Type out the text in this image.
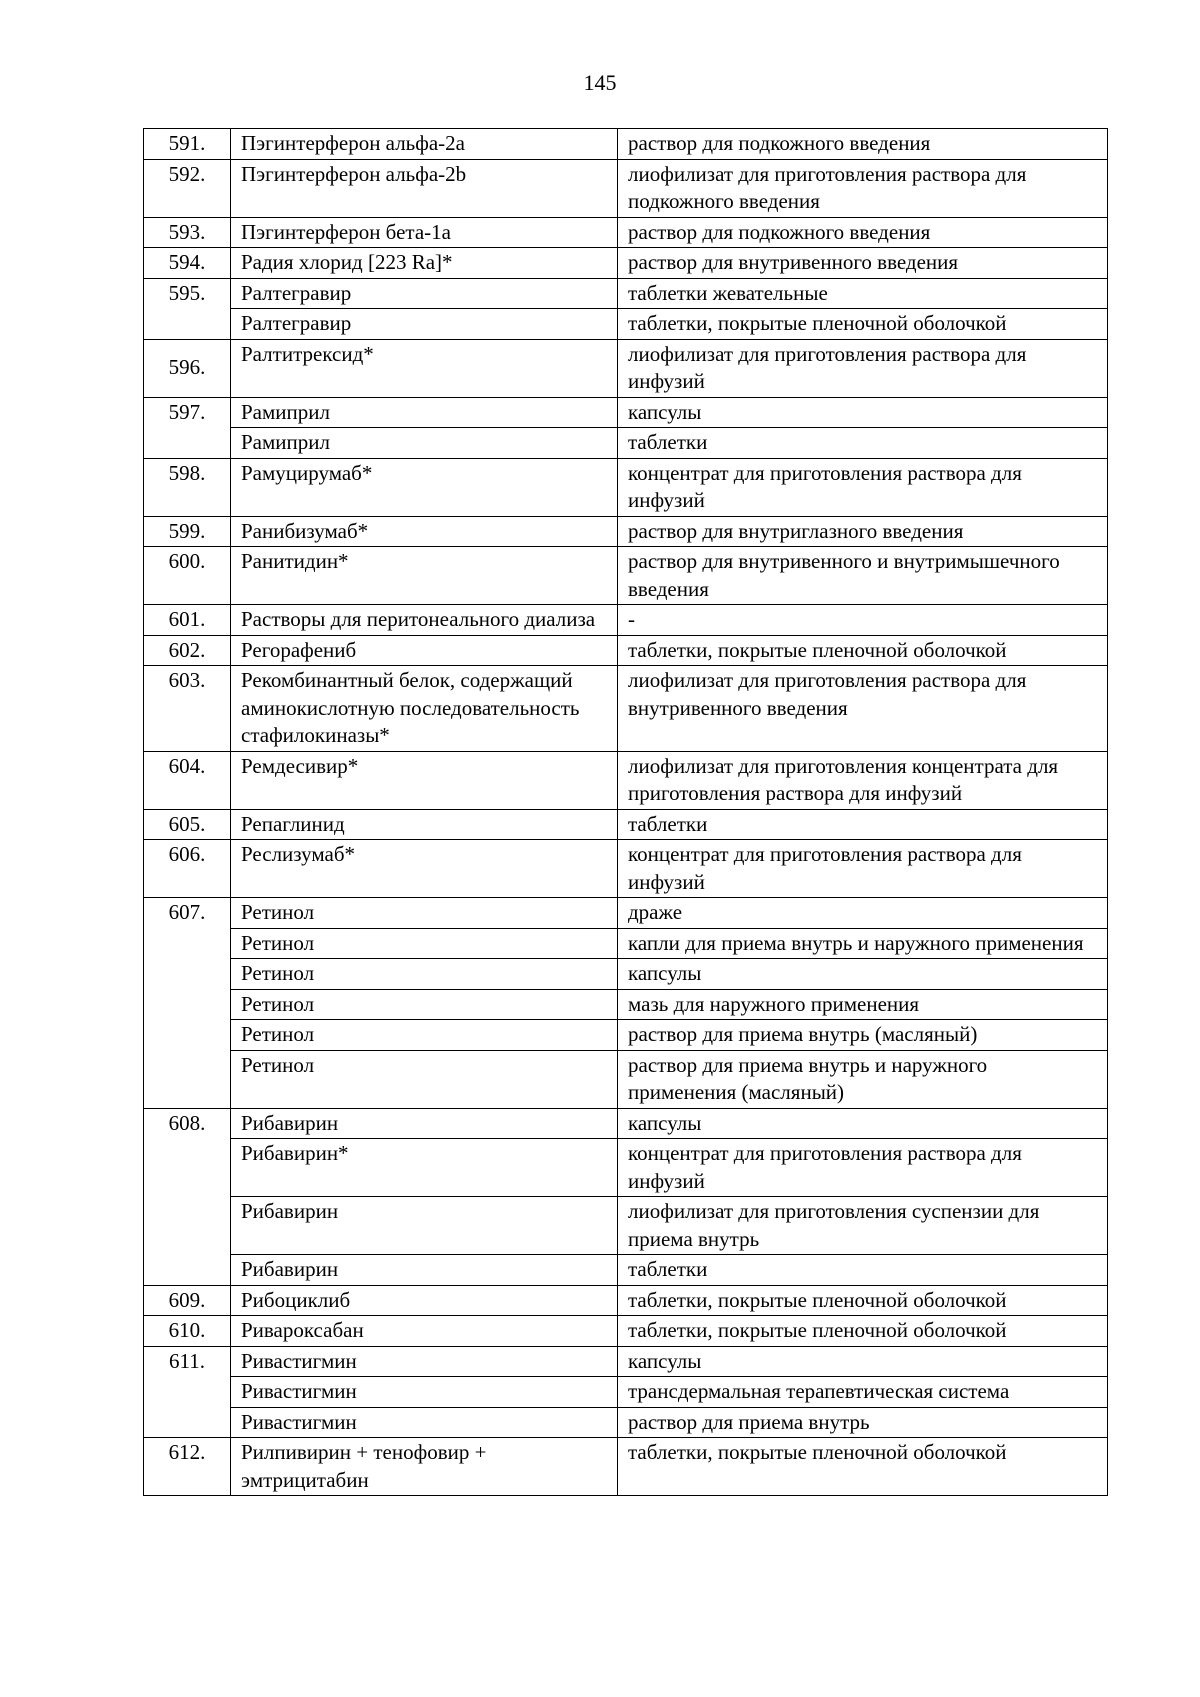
145
591.	Пэгинтерферон альфа-2a	раствор для подкожного введения
592.	Пэгинтерферон альфа-2b	лиофилизат для приготовления раствора для подкожного введения
593.	Пэгинтерферон бета-1a	раствор для подкожного введения
594.	Радия хлорид [223 Ra]*	раствор для внутривенного введения
595.	Ралтегравир	таблетки жевательные
	Ралтегравир	таблетки, покрытые пленочной оболочкой
596.	Ралтитрексид*	лиофилизат для приготовления раствора для инфузий
597.	Рамиприл	капсулы
	Рамиприл	таблетки
598.	Рамуцирумаб*	концентрат для приготовления раствора для инфузий
599.	Ранибизумаб*	раствор для внутриглазного введения
600.	Ранитидин*	раствор для внутривенного и внутримышечного введения
601.	Растворы для перитонеального диализа	-
602.	Регорафениб	таблетки, покрытые пленочной оболочкой
603.	Рекомбинантный белок, содержащий аминокислотную последовательность стафилокиназы*	лиофилизат для приготовления раствора для внутривенного введения
604.	Ремдесивир*	лиофилизат для приготовления концентрата для приготовления раствора для инфузий
605.	Репаглинид	таблетки
606.	Реслизумаб*	концентрат для приготовления раствора для инфузий
607.	Ретинол	драже
	Ретинол	капли для приема внутрь и наружного применения
	Ретинол	капсулы
	Ретинол	мазь для наружного применения
	Ретинол	раствор для приема внутрь (масляный)
	Ретинол	раствор для приема внутрь и наружного применения (масляный)
608.	Рибавирин	капсулы
	Рибавирин*	концентрат для приготовления раствора для инфузий
	Рибавирин	лиофилизат для приготовления суспензии для приема внутрь
	Рибавирин	таблетки
609.	Рибоциклиб	таблетки, покрытые пленочной оболочкой
610.	Ривароксабан	таблетки, покрытые пленочной оболочкой
611.	Ривастигмин	капсулы
	Ривастигмин	трансдермальная терапевтическая система
	Ривастигмин	раствор для приема внутрь
612.	Рилпивирин + тенофовир + эмтрицитабин	таблетки, покрытые пленочной оболочкой
